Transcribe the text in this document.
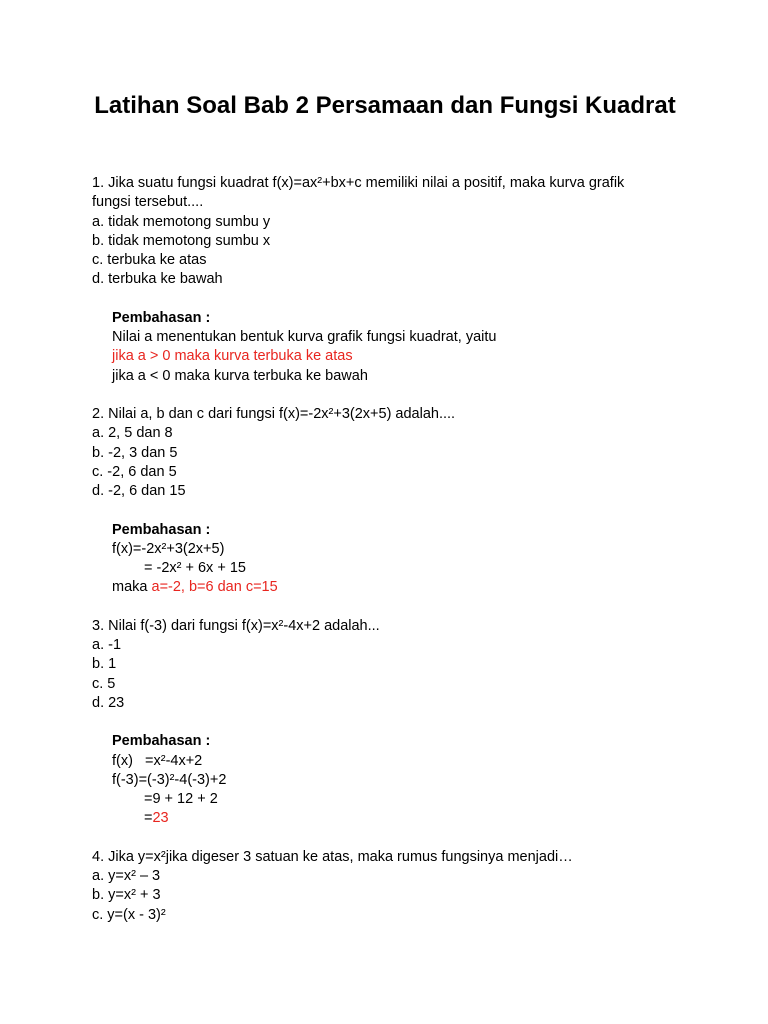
Latihan Soal Bab 2 Persamaan dan Fungsi Kuadrat
1. Jika suatu fungsi kuadrat f(x)=ax²+bx+c memiliki nilai a positif, maka kurva grafik
fungsi tersebut....
a. tidak memotong sumbu y
b. tidak memotong sumbu x
c. terbuka ke atas
d. terbuka ke bawah
Pembahasan :
Nilai a menentukan bentuk kurva grafik fungsi kuadrat, yaitu
jika a > 0 maka kurva terbuka ke atas
jika a < 0 maka kurva terbuka ke bawah
2. Nilai a, b dan c dari fungsi f(x)=-2x²+3(2x+5) adalah....
a. 2, 5 dan 8
b. -2, 3 dan 5
c. -2, 6 dan 5
d. -2, 6 dan 15
Pembahasan :
f(x)=-2x²+3(2x+5)
= -2x² + 6x + 15
maka a=-2, b=6 dan c=15
3. Nilai f(-3) dari fungsi f(x)=x²-4x+2 adalah...
a. -1
b. 1
c. 5
d. 23
Pembahasan :
f(x)   =x²-4x+2
f(-3)=(-3)²-4(-3)+2
=9 + 12 + 2
=23
4. Jika y=x²jika digeser 3 satuan ke atas, maka rumus fungsinya menjadi…
a. y=x² – 3
b. y=x² + 3
c. y=(x - 3)²
